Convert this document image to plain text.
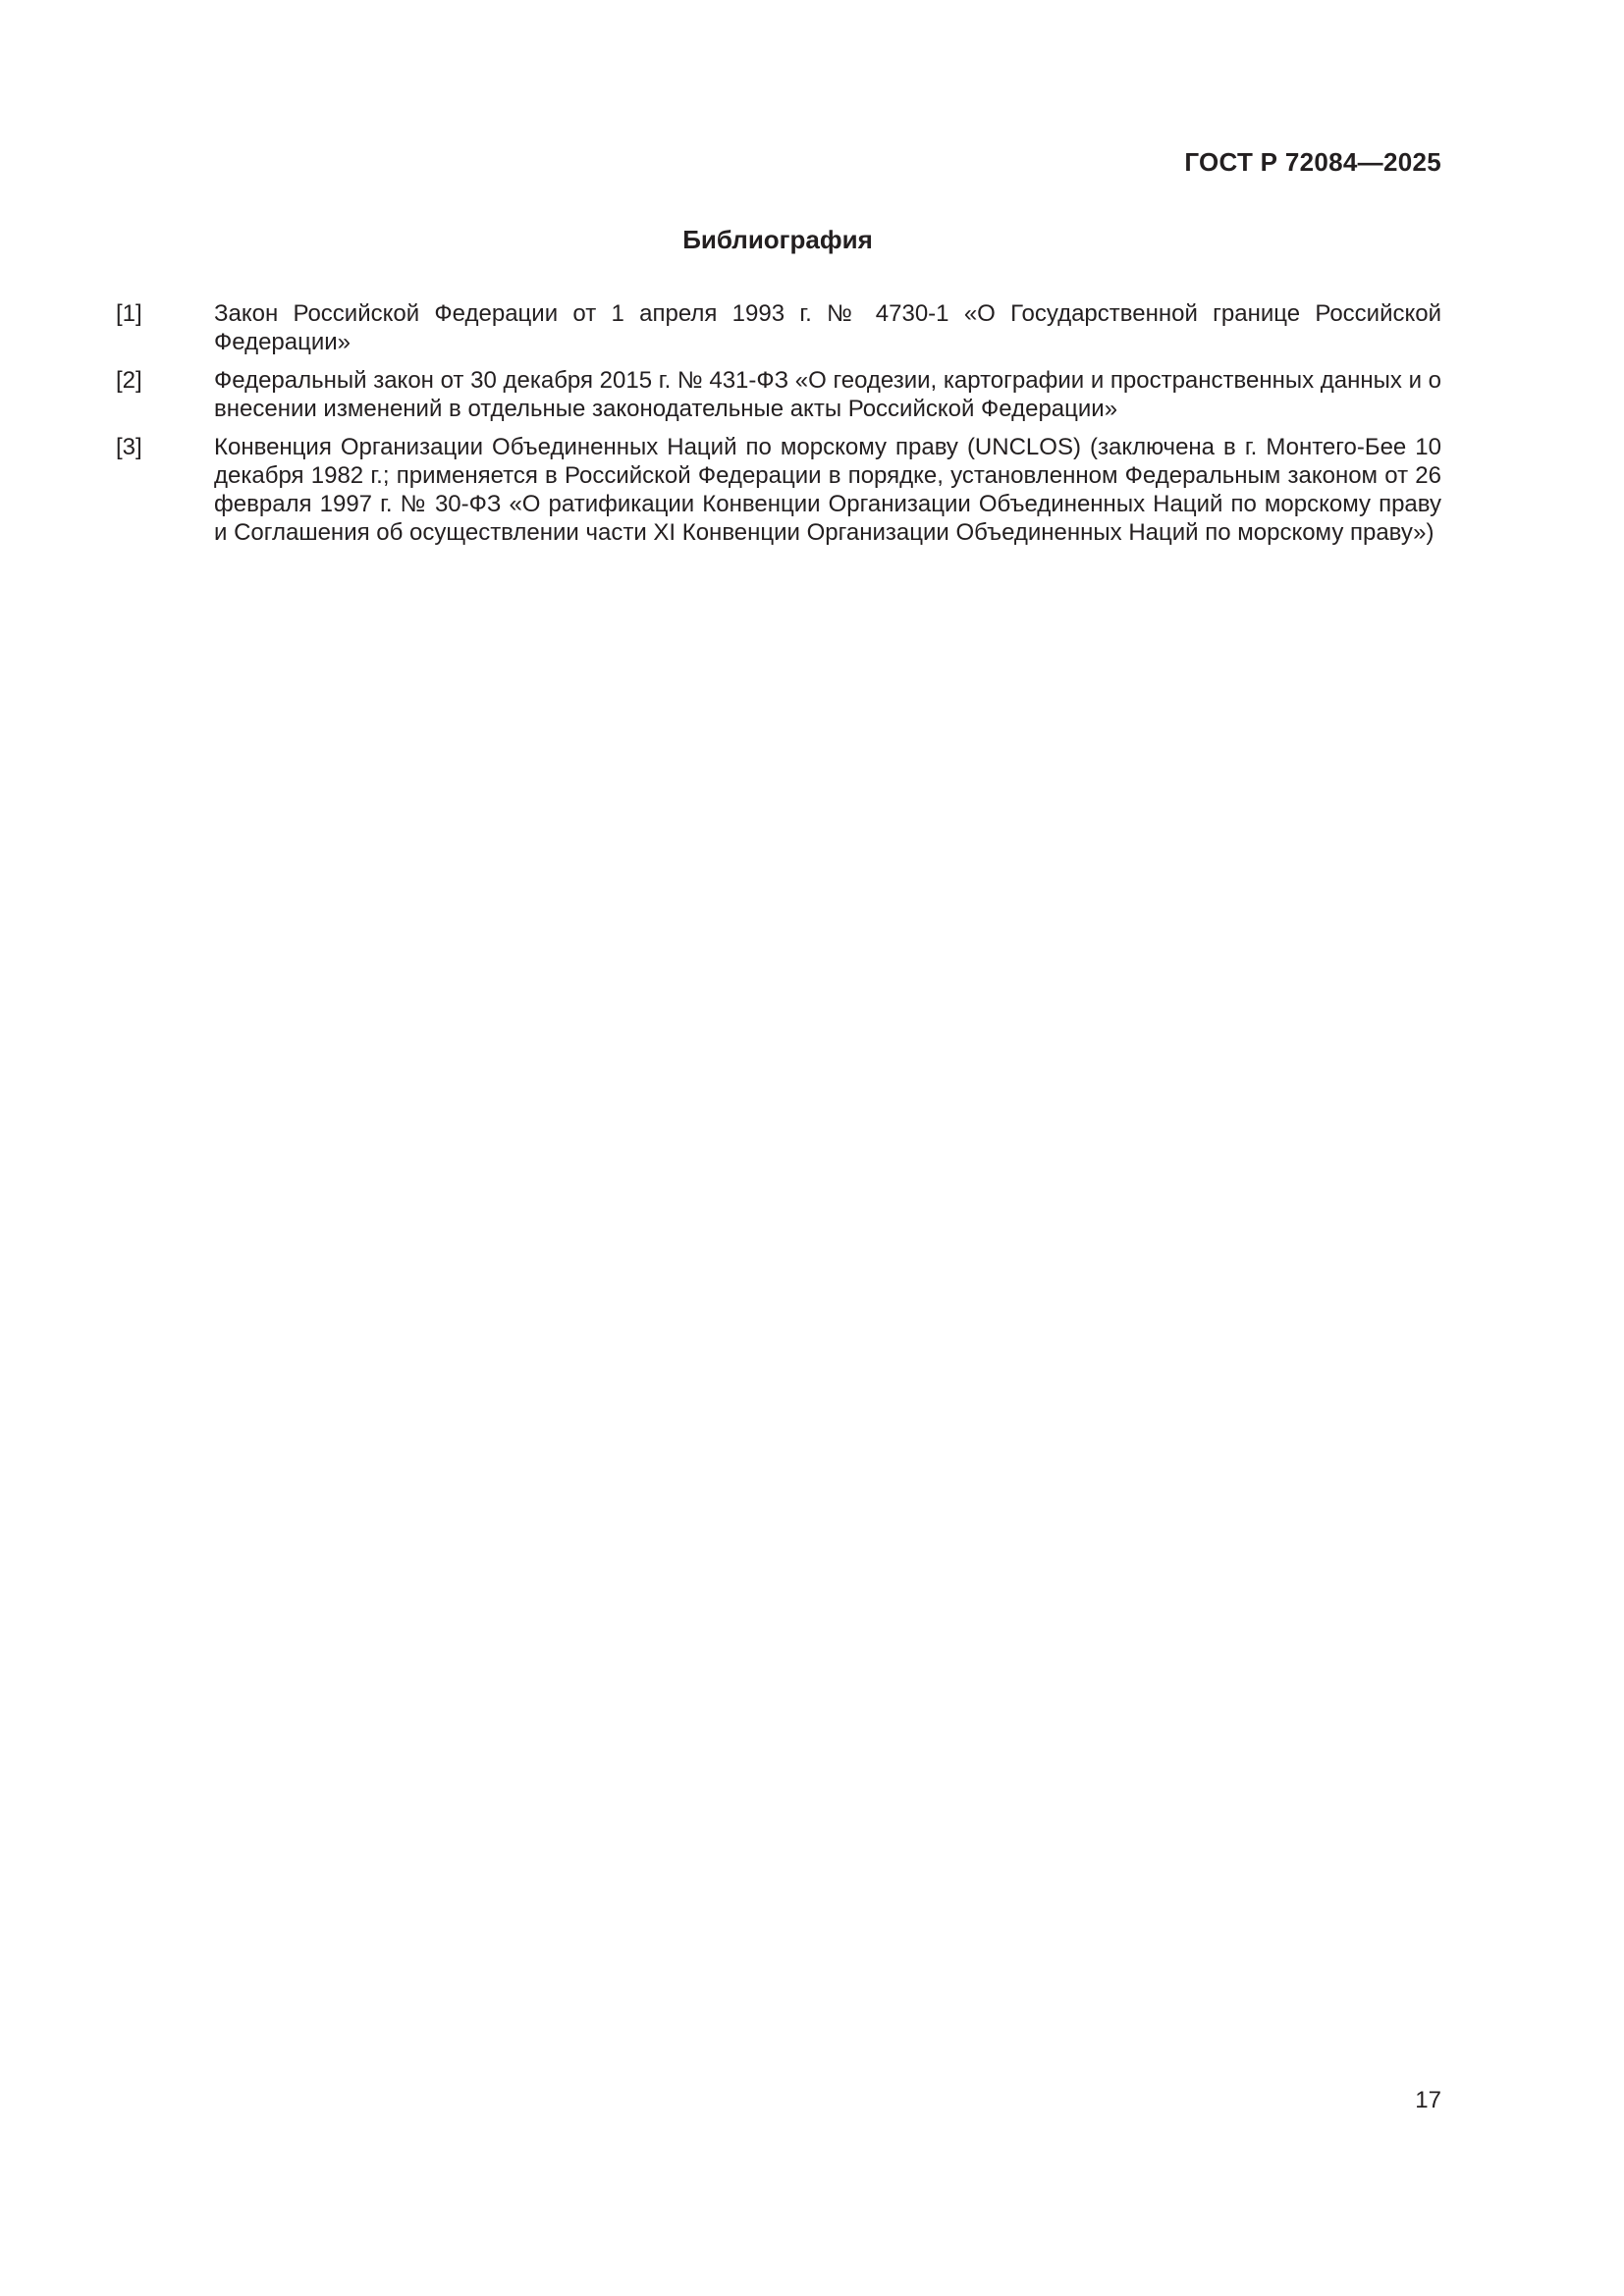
ГОСТ Р 72084—2025
Библиография
[1]	Закон Российской Федерации от 1 апреля 1993 г. № 4730-1 «О Государственной границе Российской Федерации»
[2]	Федеральный закон от 30 декабря 2015 г. № 431-ФЗ «О геодезии, картографии и пространственных данных и о внесении изменений в отдельные законодательные акты Российской Федерации»
[3]	Конвенция Организации Объединенных Наций по морскому праву (UNCLOS) (заключена в г. Монтего-Бее 10 декабря 1982 г.; применяется в Российской Федерации в порядке, установленном Федеральным законом от 26 февраля 1997 г. № 30-ФЗ «О ратификации Конвенции Организации Объединенных Наций по морскому праву и Соглашения об осуществлении части XI Конвенции Организации Объединенных Наций по морскому праву»)
17
